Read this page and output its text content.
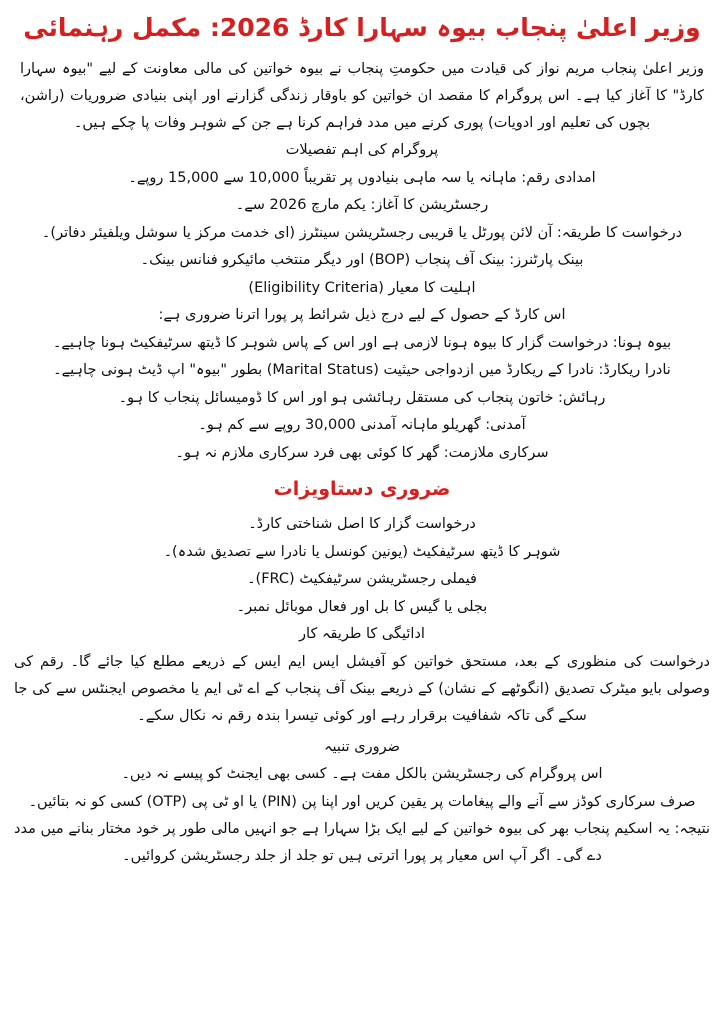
وزیر اعلیٰ پنجاب بیوہ سہارا کارڈ 2026: مکمل رہنمائی

وزیر اعلیٰ پنجاب مریم نواز کی قیادت میں حکومتِ پنجاب نے بیوہ خواتین کی مالی معاونت کے لیے "بیوہ سہارا کارڈ" کا آغاز کیا ہے۔ اس پروگرام کا مقصد ان خواتین کو باوقار زندگی گزارنے اور اپنی بنیادی ضروریات (راشن، بچوں کی تعلیم اور ادویات) پوری کرنے میں مدد فراہم کرنا ہے جن کے شوہر وفات پا چکے ہیں۔

پروگرام کی اہم تفصیلات

امدادی رقم: ماہانہ یا سہ ماہی بنیادوں پر تقریباً 10,000 سے 15,000 روپے۔

رجسٹریشن کا آغاز: یکم مارچ 2026 سے۔

درخواست کا طریقہ: آن لائن پورٹل یا قریبی رجسٹریشن سینٹرز (ای خدمت مرکز یا سوشل ویلفیئر دفاتر)۔

بینک پارٹنرز: بینک آف پنجاب (BOP) اور دیگر منتخب مائیکرو فنانس بینک۔

اہلیت کا معیار (Eligibility Criteria)

اس کارڈ کے حصول کے لیے درج ذیل شرائط پر پورا اترنا ضروری ہے:

بیوہ ہونا: درخواست گزار کا بیوہ ہونا لازمی ہے اور اس کے پاس شوہر کا ڈیتھ سرٹیفکیٹ ہونا چاہیے۔

نادرا ریکارڈ: نادرا کے ریکارڈ میں ازدواجی حیثیت (Marital Status) بطور "بیوہ" اپ ڈیٹ ہونی چاہیے۔

رہائش: خاتون پنجاب کی مستقل رہائشی ہو اور اس کا ڈومیسائل پنجاب کا ہو۔

آمدنی: گھریلو ماہانہ آمدنی 30,000 روپے سے کم ہو۔

سرکاری ملازمت: گھر کا کوئی بھی فرد سرکاری ملازم نہ ہو۔

ضروری دستاویزات

درخواست گزار کا اصل شناختی کارڈ۔

شوہر کا ڈیتھ سرٹیفکیٹ (یونین کونسل یا نادرا سے تصدیق شدہ)۔

فیملی رجسٹریشن سرٹیفکیٹ (FRC)۔

بجلی یا گیس کا بل اور فعال موبائل نمبر۔

ادائیگی کا طریقہ کار

درخواست کی منظوری کے بعد، مستحق خواتین کو آفیشل ایس ایم ایس کے ذریعے مطلع کیا جائے گا۔ رقم کی وصولی بایو میٹرک تصدیق (انگوٹھے کے نشان) کے ذریعے بینک آف پنجاب کے اے ٹی ایم یا مخصوص ایجنٹس سے کی جا سکے گی تاکہ شفافیت برقرار رہے اور کوئی تیسرا بندہ رقم نہ نکال سکے۔

ضروری تنبیہ

اس پروگرام کی رجسٹریشن بالکل مفت ہے۔ کسی بھی ایجنٹ کو پیسے نہ دیں۔

صرف سرکاری کوڈز سے آنے والے پیغامات پر یقین کریں اور اپنا پن (PIN) یا او ٹی پی (OTP) کسی کو نہ بتائیں۔

نتیجہ: یہ اسکیم پنجاب بھر کی بیوہ خواتین کے لیے ایک بڑا سہارا ہے جو انہیں مالی طور پر خود مختار بنانے میں مدد دے گی۔ اگر آپ اس معیار پر پورا اترتی ہیں تو جلد از جلد رجسٹریشن کروائیں۔
